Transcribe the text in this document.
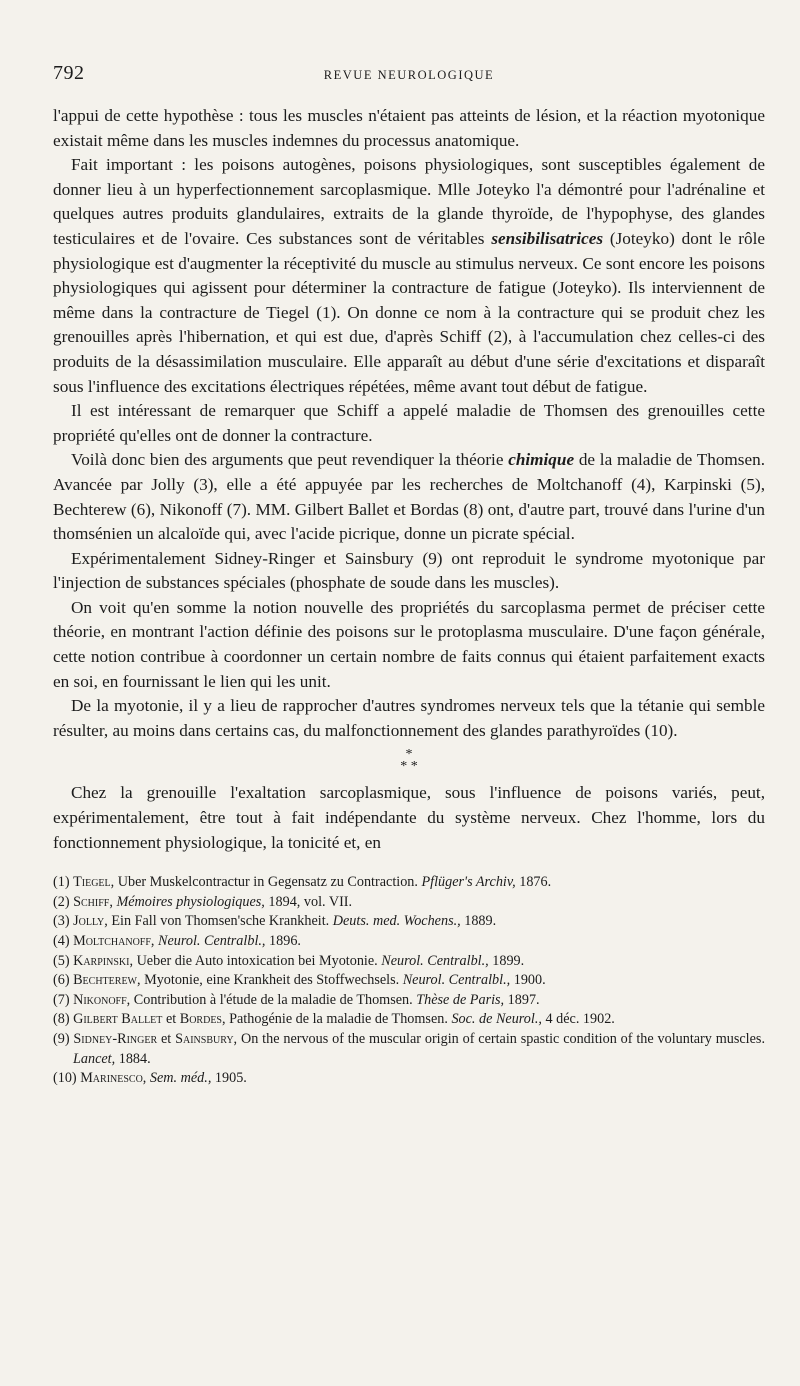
792	REVUE NEUROLOGIQUE

l'appui de cette hypothèse : tous les muscles n'étaient pas atteints de lésion, et la réaction myotonique existait même dans les muscles indemnes du processus anatomique.

Fait important : les poisons autogènes, poisons physiologiques, sont susceptibles également de donner lieu à un hyperfectionnement sarcoplasmique. Mlle Joteyko l'a démontré pour l'adrénaline et quelques autres produits glandulaires, extraits de la glande thyroïde, de l'hypophyse, des glandes testiculaires et de l'ovaire. Ces substances sont de véritables sensibilisatrices (Joteyko) dont le rôle physiologique est d'augmenter la réceptivité du muscle au stimulus nerveux. Ce sont encore les poisons physiologiques qui agissent pour déterminer la contracture de fatigue (Joteyko). Ils interviennent de même dans la contracture de Tiegel (1). On donne ce nom à la contracture qui se produit chez les grenouilles après l'hibernation, et qui est due, d'après Schiff (2), à l'accumulation chez celles-ci des produits de la désassimilation musculaire. Elle apparaît au début d'une série d'excitations et disparaît sous l'influence des excitations électriques répétées, même avant tout début de fatigue.

Il est intéressant de remarquer que Schiff a appelé maladie de Thomsen des grenouilles cette propriété qu'elles ont de donner la contracture.

Voilà donc bien des arguments que peut revendiquer la théorie chimique de la maladie de Thomsen. Avancée par Jolly (3), elle a été appuyée par les recherches de Moltchanoff (4), Karpinski (5), Bechterew (6), Nikonoff (7). MM. Gilbert Ballet et Bordas (8) ont, d'autre part, trouvé dans l'urine d'un thomsénien un alcaloïde qui, avec l'acide picrique, donne un picrate spécial.

Expérimentalement Sidney-Ringer et Sainsbury (9) ont reproduit le syndrome myotonique par l'injection de substances spéciales (phosphate de soude dans les muscles).

On voit qu'en somme la notion nouvelle des propriétés du sarcoplasma permet de préciser cette théorie, en montrant l'action définie des poisons sur le protoplasma musculaire. D'une façon générale, cette notion contribue à coordonner un certain nombre de faits connus qui étaient parfaitement exacts en soi, en fournissant le lien qui les unit.

De la myotonie, il y a lieu de rapprocher d'autres syndromes nerveux tels que la tétanie qui semble résulter, au moins dans certains cas, du malfonctionnement des glandes parathyroïdes (10).

*
* *

Chez la grenouille l'exaltation sarcoplasmique, sous l'influence de poisons variés, peut, expérimentalement, être tout à fait indépendante du système nerveux. Chez l'homme, lors du fonctionnement physiologique, la tonicité et, en

(1) Tiegel, Uber Muskelcontractur in Gegensatz zu Contraction. Pflüger's Archiv, 1876.

(2) Schiff, Mémoires physiologiques, 1894, vol. VII.

(3) Jolly, Ein Fall von Thomsen'sche Krankheit. Deuts. med. Wochens., 1889.

(4) Moltchanoff, Neurol. Centralbl., 1896.

(5) Karpinski, Ueber die Auto intoxication bei Myotonie. Neurol. Centralbl., 1899.

(6) Bechterew, Myotonie, eine Krankheit des Stoffwechsels. Neurol. Centralbl., 1900.

(7) Nikonoff, Contribution à l'étude de la maladie de Thomsen. Thèse de Paris, 1897.

(8) Gilbert Ballet et Bordes, Pathogénie de la maladie de Thomsen. Soc. de Neurol., 4 déc. 1902.

(9) Sidney-Ringer et Sainsbury, On the nervous of the muscular origin of certain spastic condition of the voluntary muscles. Lancet, 1884.

(10) Marinesco, Sem. méd., 1905.
